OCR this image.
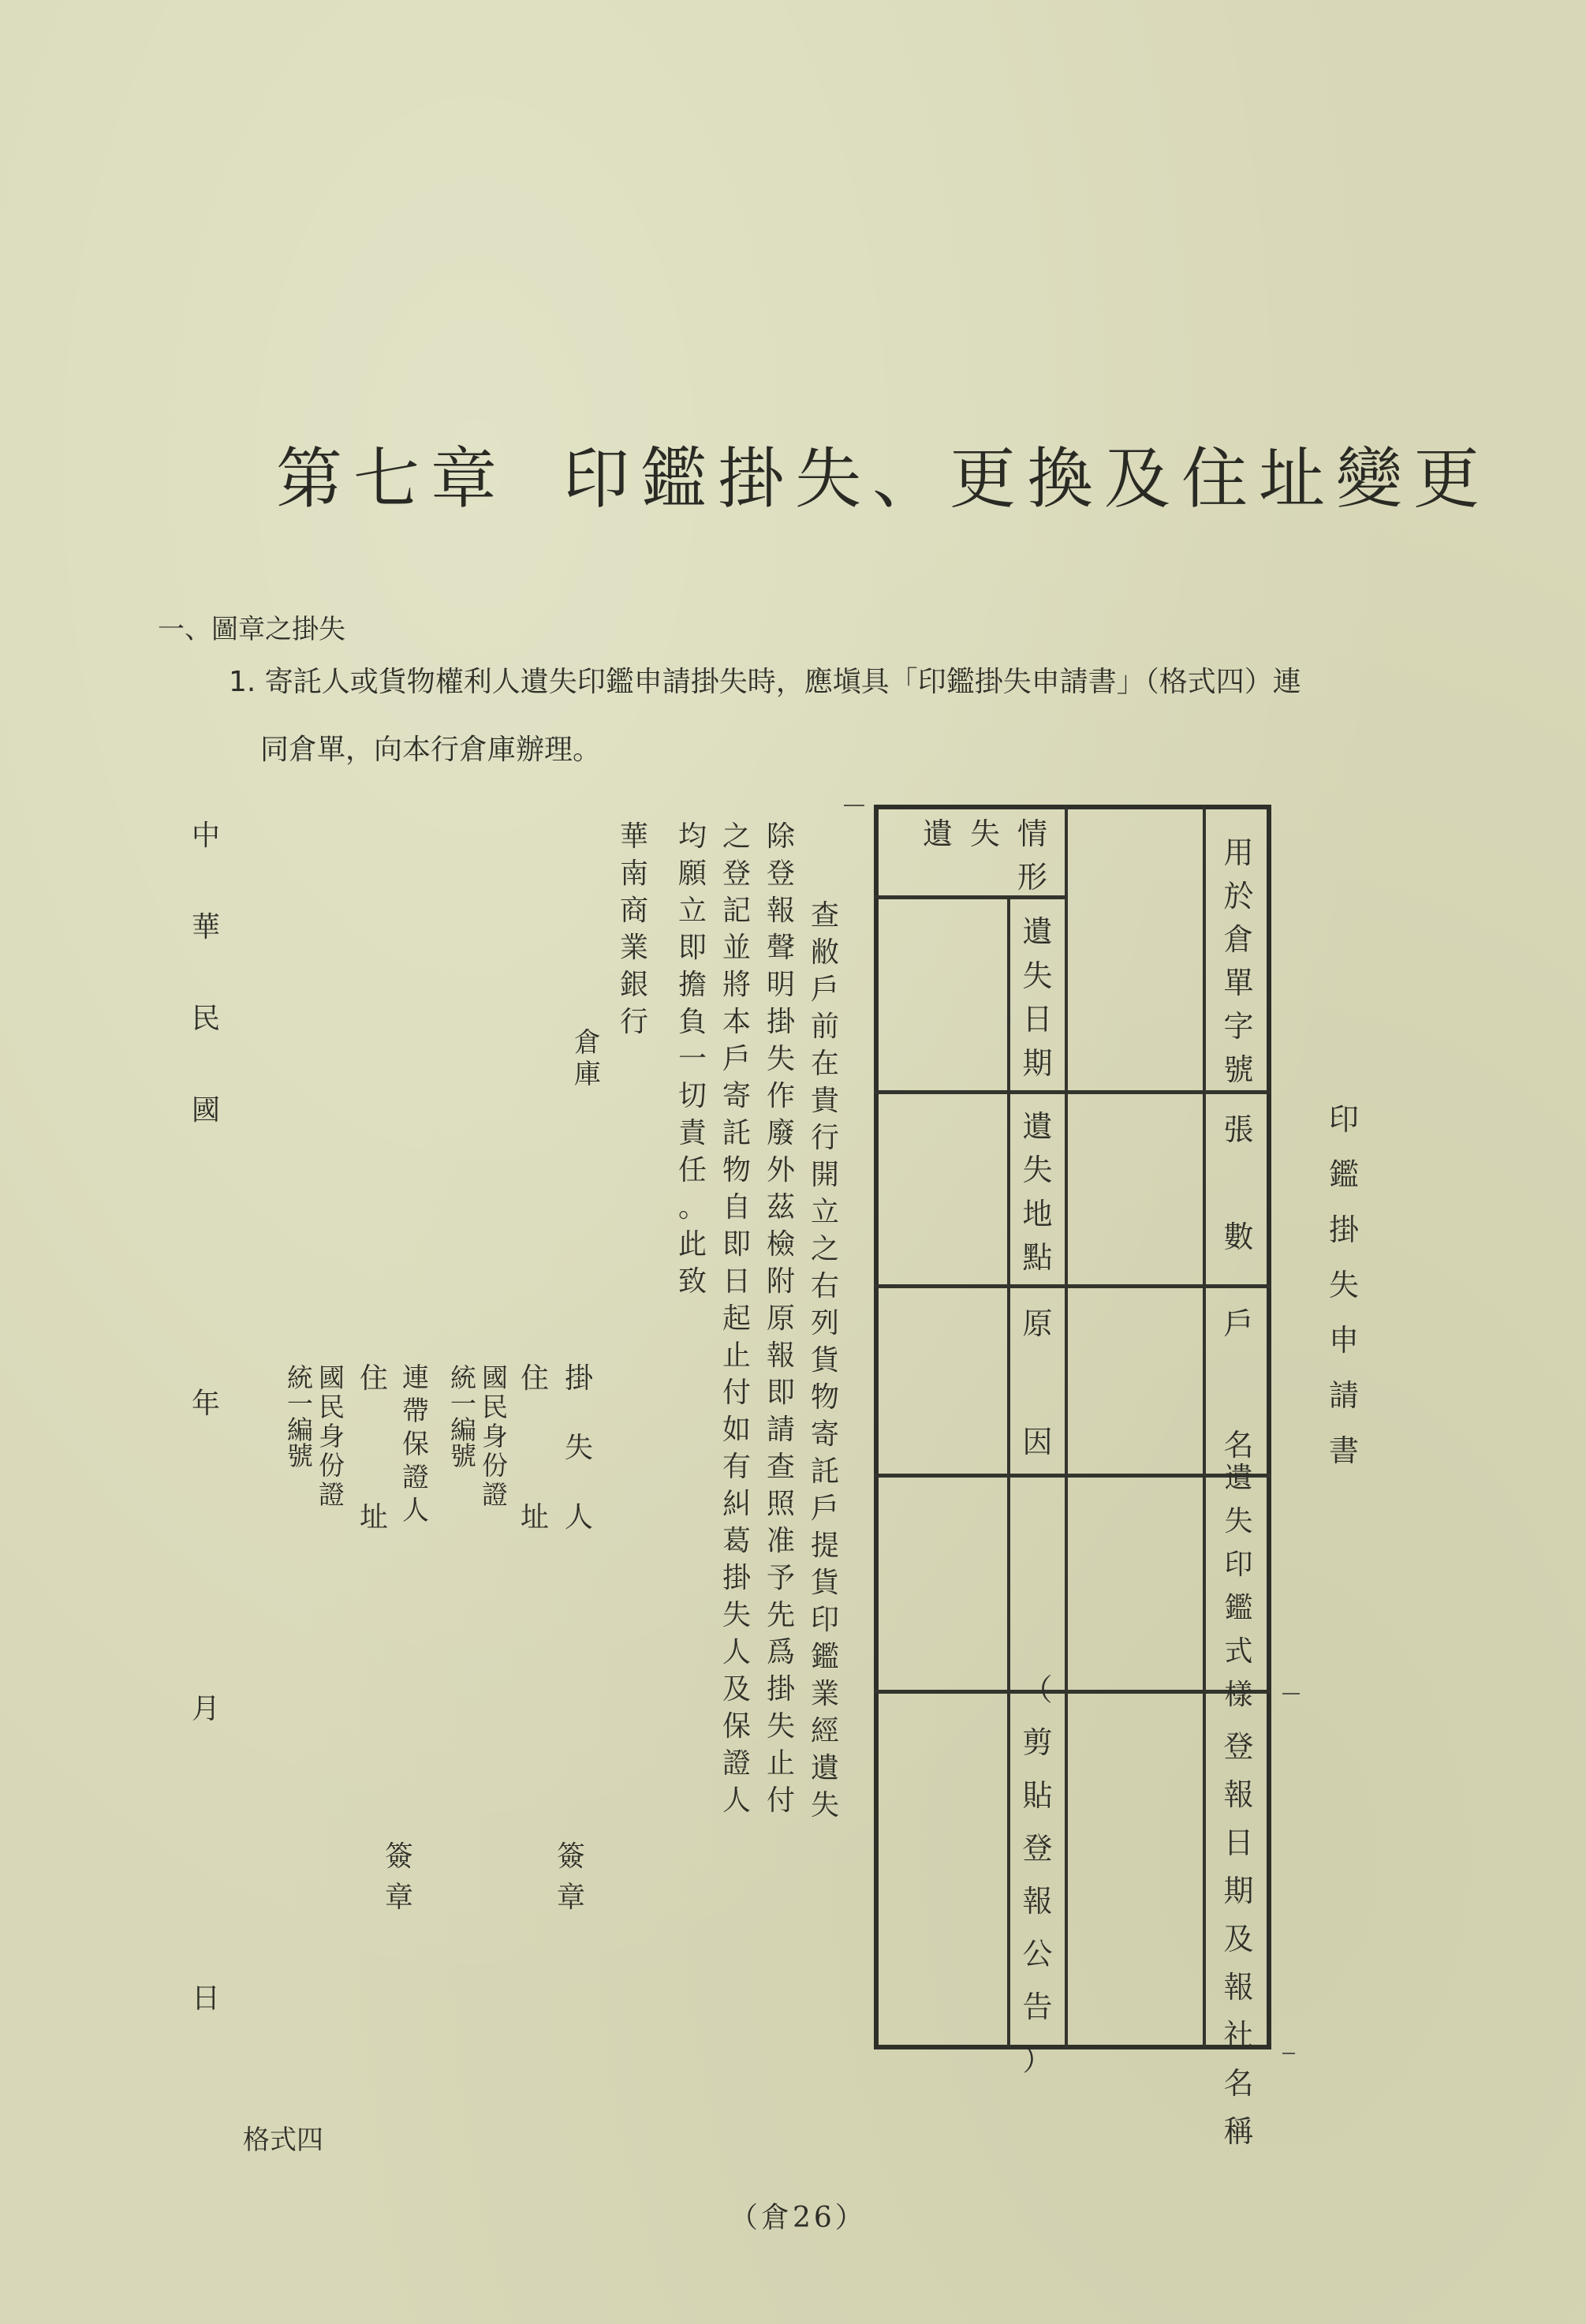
第七章 印鑑掛失、更換及住址變更
一、圖章之掛失
1. 寄託人或貨物權利人遺失印鑑申請掛失時，應塡具「印鑑掛失申請書」（格式四）連
同倉單，向本行倉庫辦理。
印
鑑
掛
失
申
請
書
遺失情形
用
於
倉
單
字
號
張
數
戶
名
遺
失
印
鑑
式
樣
登
報
日
期
及
報
社
名
稱
遺
失
日
期
遺
失
地
點
原
因
（
剪
貼
登
報
公
告
）
查
敝
戶
前
在
貴
行
開
立
之
右
列
貨
物
寄
託
戶
提
貨
印
鑑
業
經
遺
失
除
登
報
聲
明
掛
失
作
廢
外
茲
檢
附
原
報
即
請
查
照
准
予
先
爲
掛
失
止
付
之
登
記
並
將
本
戶
寄
託
物
自
即
日
起
止
付
如
有
糾
葛
掛
失
人
及
保
證
人
均
願
立
即
擔
負
一
切
責
任
。
此
致
華
南
商
業
銀
行
倉
庫
掛
失
人
住
址
國
民
身
份
證
統
一
編
號
簽
章
連
帶
保
證
人
住
址
國
民
身
份
證
統
一
編
號
簽
章
中
華
民
國
年
月
日
格式四
（倉26）
